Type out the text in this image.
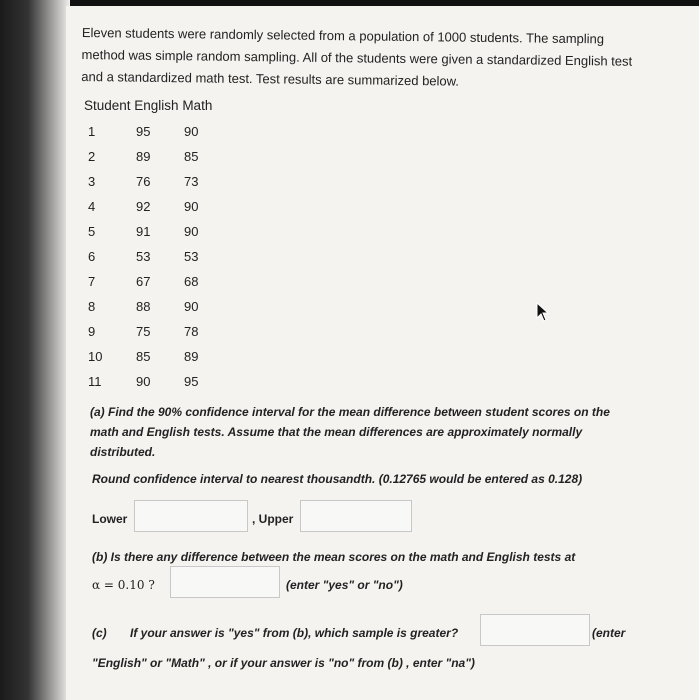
Eleven students were randomly selected from a population of 1000 students. The sampling
method was simple random sampling. All of the students were given a standardized English test
and a standardized math test. Test results are summarized below.
Student English Math
1	95	90
2	89	85
3	76	73
4	92	90
5	91	90
6	53	53
7	67	68
8	88	90
9	75	78
10	85	89
11	90	95
(a) Find the 90% confidence interval for the mean difference between student scores on the
math and English tests. Assume that the mean differences are approximately normally
distributed.
Round confidence interval to nearest thousandth. (0.12765 would be entered as 0.128)
Lower	, Upper
(b) Is there any difference between the mean scores on the math and English tests at
α = 0.10 ?	(enter "yes" or "no")
(c) If your answer is "yes" from (b), which sample is greater?	(enter
"English" or "Math" , or if your answer is "no" from (b) , enter "na")
